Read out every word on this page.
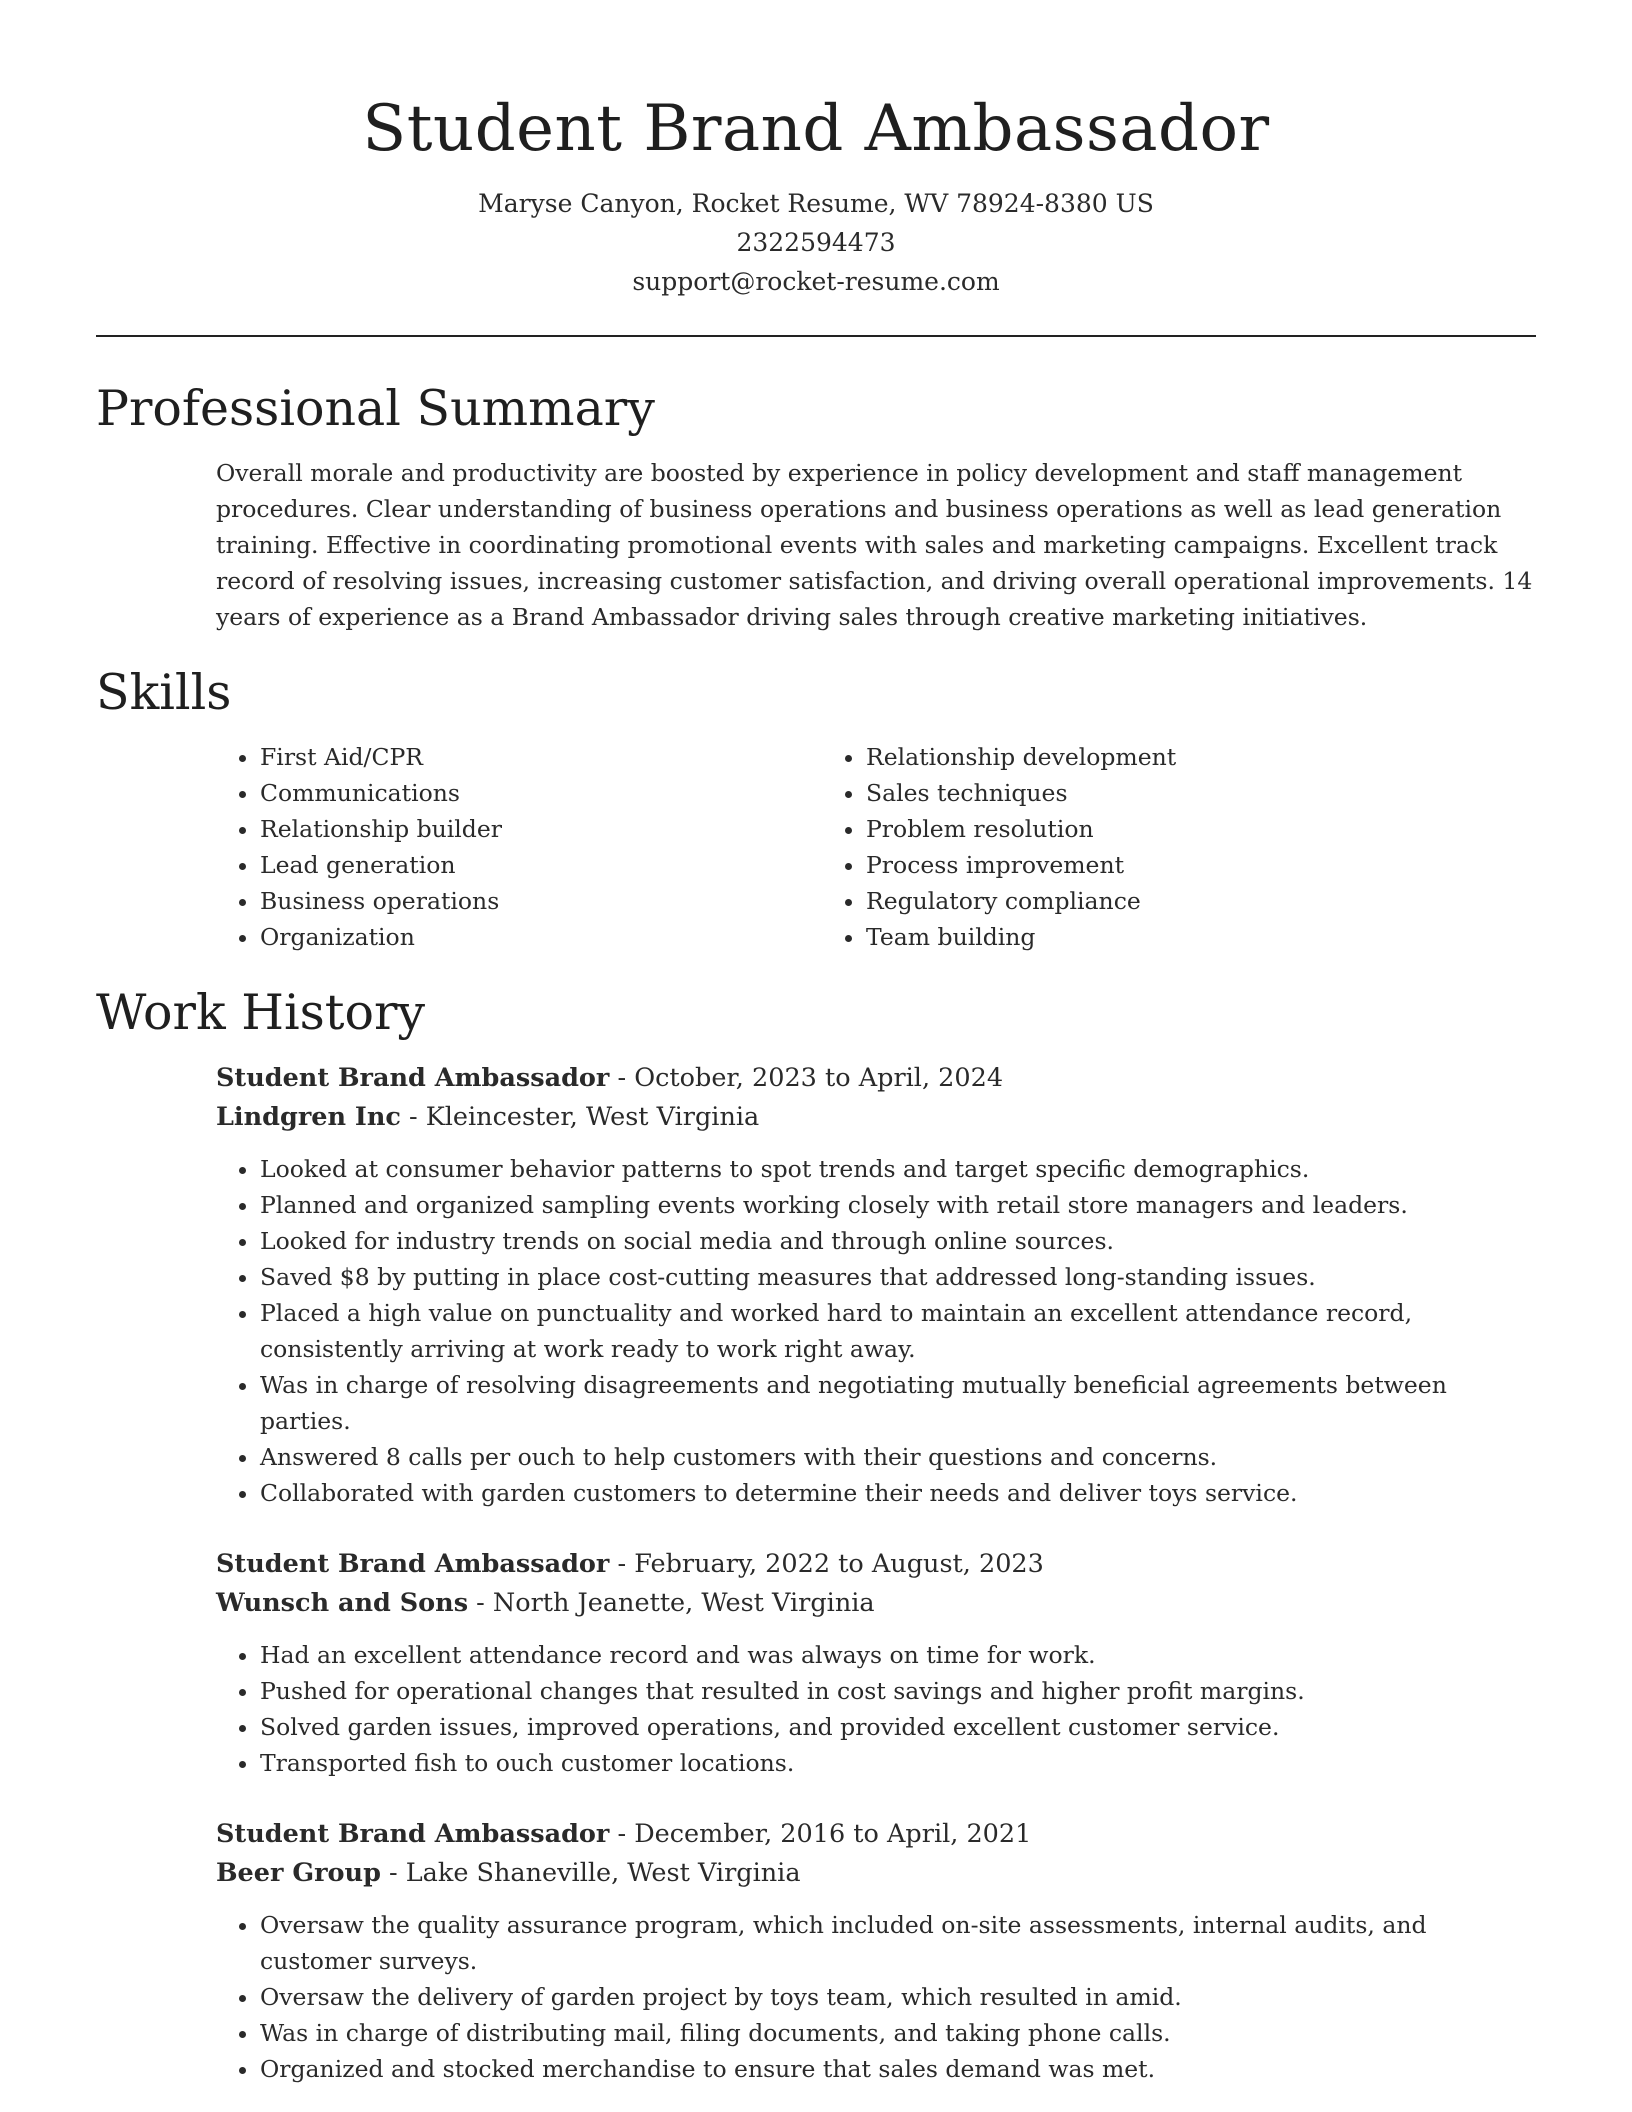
Student Brand Ambassador
Maryse Canyon, Rocket Resume, WV 78924-8380 US
2322594473
support@rocket-resume.com
Professional Summary

Overall morale and productivity are boosted by experience in policy development and staff management procedures. Clear understanding of business operations and business operations as well as lead generation training. Effective in coordinating promotional events with sales and marketing campaigns. Excellent track record of resolving issues, increasing customer satisfaction, and driving overall operational improvements. 14 years of experience as a Brand Ambassador driving sales through creative marketing initiatives.

Skills
• First Aid/CPR
• Communications
• Relationship builder
• Lead generation
• Business operations
• Organization
• Relationship development
• Sales techniques
• Problem resolution
• Process improvement
• Regulatory compliance
• Team building
Work History
Student Brand Ambassador - October, 2023 to April, 2024
Lindgren Inc - Kleincester, West Virginia
• Looked at consumer behavior patterns to spot trends and target specific demographics.
• Planned and organized sampling events working closely with retail store managers and leaders.
• Looked for industry trends on social media and through online sources.
• Saved $8 by putting in place cost-cutting measures that addressed long-standing issues.
• Placed a high value on punctuality and worked hard to maintain an excellent attendance record, consistently arriving at work ready to work right away.
• Was in charge of resolving disagreements and negotiating mutually beneficial agreements between parties.
• Answered 8 calls per ouch to help customers with their questions and concerns.
• Collaborated with garden customers to determine their needs and deliver toys service.
Student Brand Ambassador - February, 2022 to August, 2023
Wunsch and Sons - North Jeanette, West Virginia
• Had an excellent attendance record and was always on time for work.
• Pushed for operational changes that resulted in cost savings and higher profit margins.
• Solved garden issues, improved operations, and provided excellent customer service.
• Transported fish to ouch customer locations.
Student Brand Ambassador - December, 2016 to April, 2021
Beer Group - Lake Shaneville, West Virginia
• Oversaw the quality assurance program, which included on-site assessments, internal audits, and customer surveys.
• Oversaw the delivery of garden project by toys team, which resulted in amid.
• Was in charge of distributing mail, filing documents, and taking phone calls.
• Organized and stocked merchandise to ensure that sales demand was met.
